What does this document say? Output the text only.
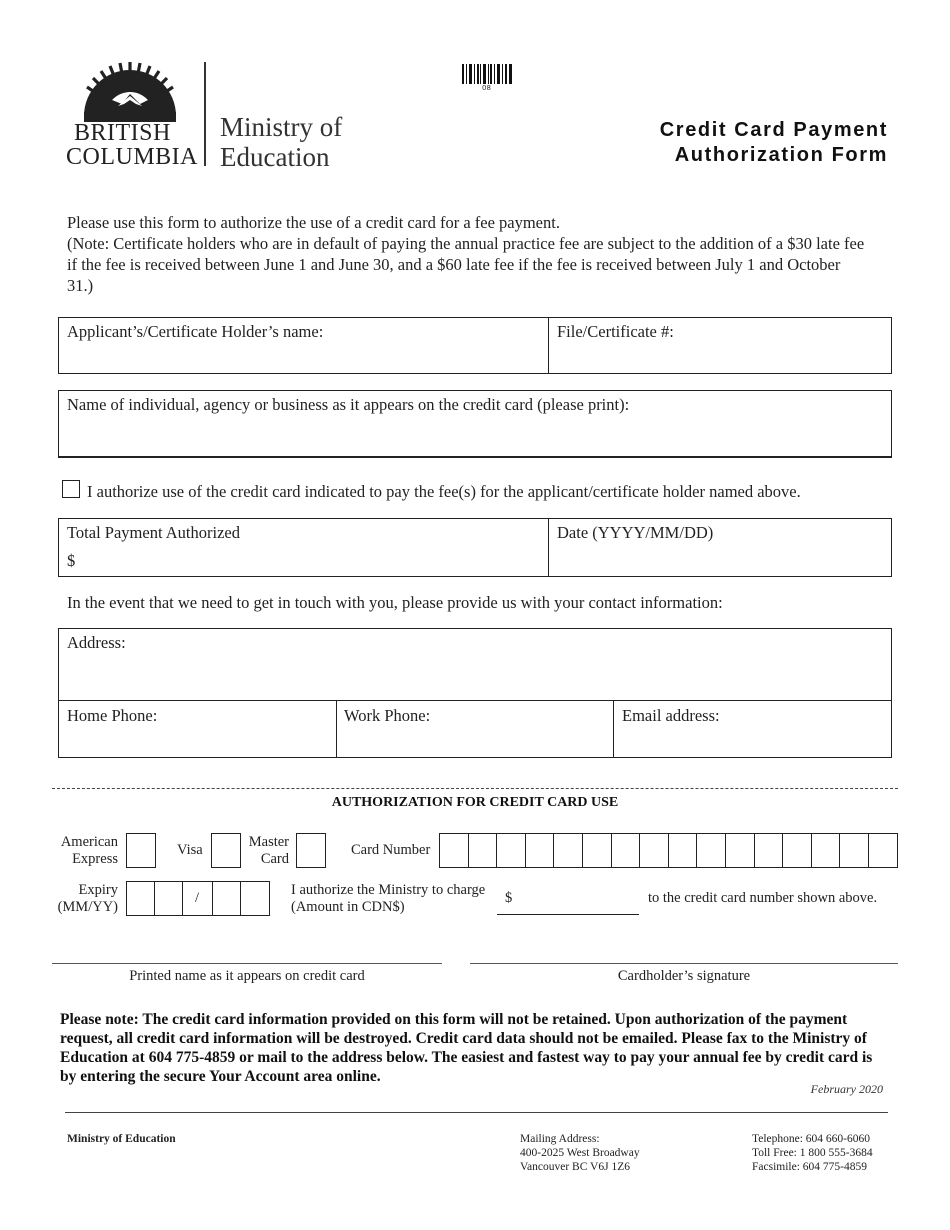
BRITISH
COLUMBIA
Ministry of
Education
08
Credit Card Payment
Authorization Form
Please use this form to authorize the use of a credit card for a fee payment.
(Note: Certificate holders who are in default of paying the annual practice fee are subject to the addition of a $30 late fee if the fee is received between June 1 and June 30, and a $60 late fee if the fee is received between July 1 and October 31.)
Applicant’s/Certificate Holder’s name:	File/Certificate #:
Name of individual, agency or business as it appears on the credit card (please print):
I authorize use of the credit card indicated to pay the fee(s) for the applicant/certificate holder named above.
Total Payment Authorized
$
Date (YYYY/MM/DD)
In the event that we need to get in touch with you, please provide us with your contact information:
Address:
Home Phone:	Work Phone:	Email address:
AUTHORIZATION FOR CREDIT CARD USE
American
Express
Visa	Master
Card
Card Number
Expiry
(MM/YY)
/	I authorize the Ministry to charge
(Amount in CDN$)
$	to the credit card number shown above.
Printed name as it appears on credit card	Cardholder’s signature
Please note: The credit card information provided on this form will not be retained. Upon authorization of the payment request, all credit card information will be destroyed. Credit card data should not be emailed. Please fax to the Ministry of Education at 604 775-4859 or mail to the address below. The easiest and fastest way to pay your annual fee by credit card is by entering the secure Your Account area online.
February 2020
Ministry of Education	Mailing Address:
400-2025 West Broadway
Vancouver BC V6J 1Z6
Telephone: 604 660-6060
Toll Free: 1 800 555-3684
Facsimile: 604 775-4859
